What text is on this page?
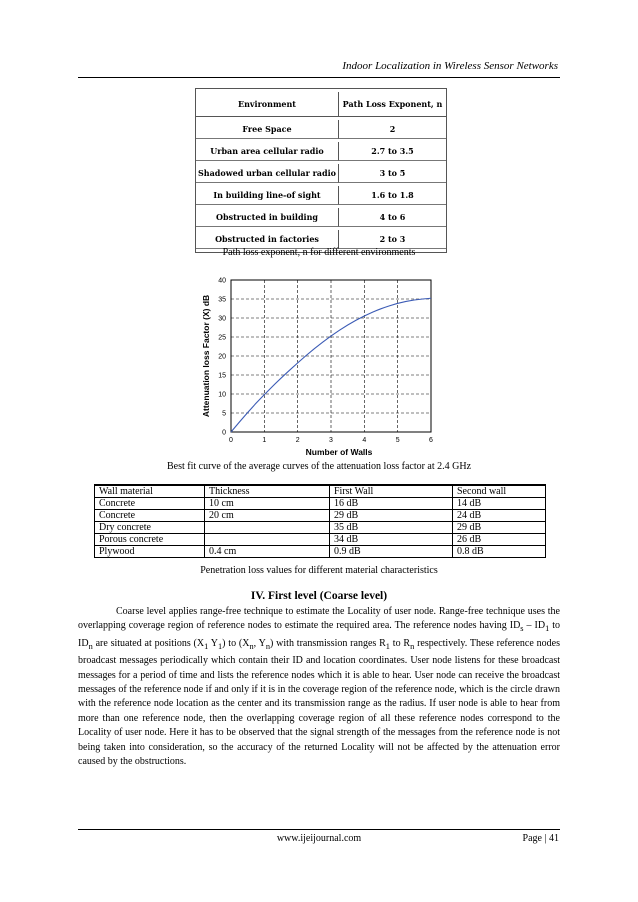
Indoor Localization in Wireless Sensor Networks
Environment	Path Loss Exponent, n
Free Space	2
Urban area cellular radio	2.7 to 3.5
Shadowed urban cellular radio	3 to 5
In building line-of sight	1.6 to 1.8
Obstructed in building	4 to 6
Obstructed in factories	2 to 3
Path loss exponent, n for different environments
0	1	2	3	4	5	6
0
5
10
15
20
25
30
35
40
Number of Walls
Attenuation loss Factor (X) dB
Best fit curve of the average curves of the attenuation loss factor at 2.4 GHz
Wall material	Thickness	First Wall	Second wall
Concrete	10 cm	16 dB	14 dB
Concrete	20 cm	29 dB	24 dB
Dry concrete		35 dB	29 dB
Porous concrete		34 dB	26 dB
Plywood	0.4 cm	0.9 dB	0.8 dB
Penetration loss values for different material characteristics
IV. First level (Coarse level)

Coarse level applies range-free technique to estimate the Locality of user node. Range-free technique uses the overlapping coverage region of reference nodes to estimate the required area. The reference nodes having $ID_s - ID_1$ to $ID_n$ are situated at positions ($X_1$ $Y_1$) to ($X_n$, $Y_n$) with transmission ranges $R_1$ to $R_n$ respectively. These reference nodes broadcast messages periodically which contain their ID and location coordinates. User node listens for these broadcast messages for a period of time and lists the reference nodes which it is able to hear. User node can receive the broadcast messages of the reference node if and only if it is in the coverage region of the reference node, which is the circle drawn with the reference node location as the center and its transmission range as the radius. If user node is able to hear from more than one reference node, then the overlapping coverage region of all these reference nodes correspond to the Locality of user node. Here it has to be observed that the signal strength of the messages from the reference node is not being taken into consideration, so the accuracy of the returned Locality will not be affected by the attenuation error caused by the obstructions.

www.ijeijournal.com	Page | 41
